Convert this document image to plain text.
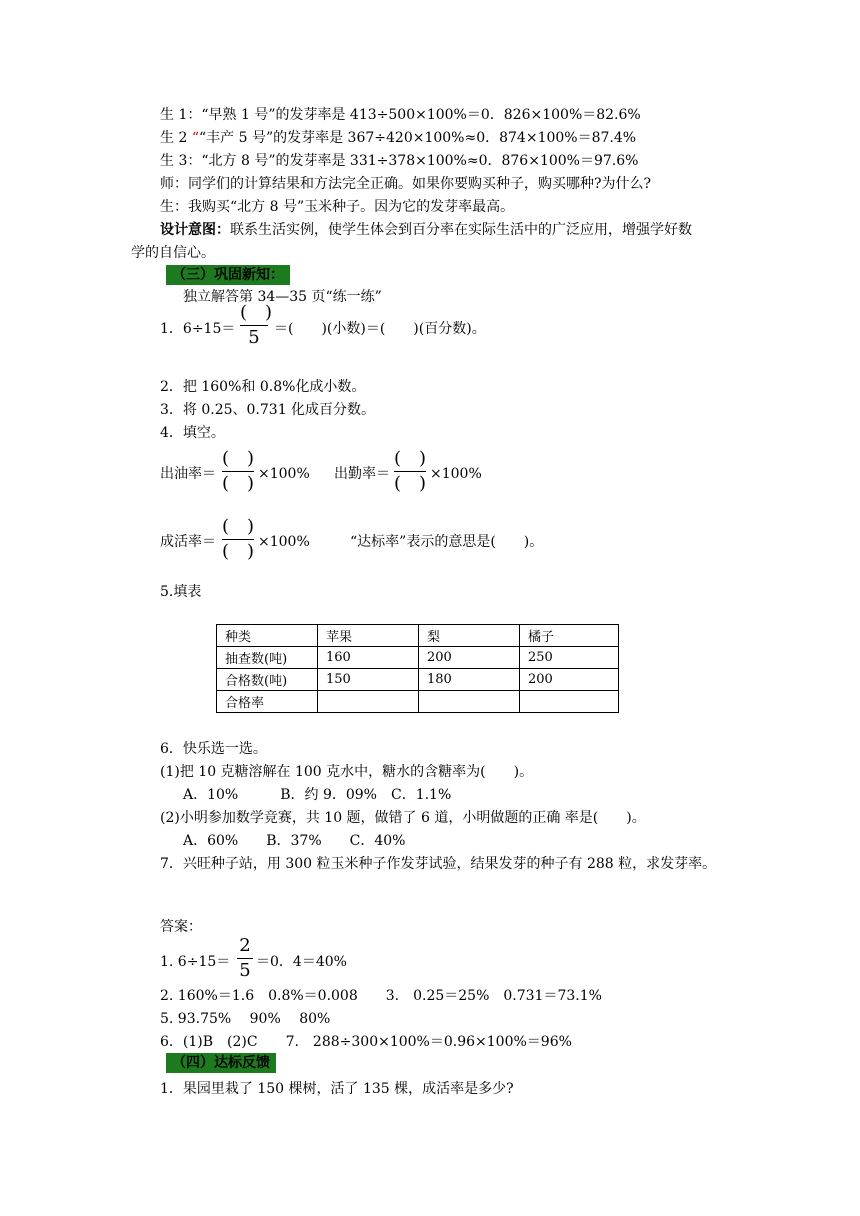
生 1：“早熟 1 号”的发芽率是 413÷500×100%＝0．826×100%＝82.6%
生 2 ““丰产 5 号”的发芽率是 367÷420×100%≈0．874×100%＝87.4%
生 3：“北方 8 号”的发芽率是 331÷378×100%≈0．876×100%＝97.6%
师：同学们的计算结果和方法完全正确。如果你要购买种子，购买哪种?为什么?
生：我购买“北方 8 号”玉米种子。因为它的发芽率最高。
设计意图：联系生活实例，使学生体会到百分率在实际生活中的广泛应用，增强学好数
学的自信心。
（三）巩固新知：
独立解答第 34—35 页“练一练”
1．6÷15＝
(　)
5	＝(　　)(小数)＝(　　)(百分数)。
2．把 160%和 0.8%化成小数。
3．将 0.25、0.731 化成百分数。
4．填空。
出油率＝
(　)
(　) ×100% 出勤率＝
(　)
(　) ×100%
成活率＝
(　)
(　) ×100%	“达标率”表示的意思是(　　)。
5.填表
种类	苹果	梨	橘子
抽查数(吨)	160	200	250
合格数(吨)	150	180	200
合格率			
6．快乐选一选。
(1)把 10 克糖溶解在 100 克水中，糖水的含糖率为(　　)。
A．10%　　　B．约 9．09%　C．1.1%
(2)小明参加数学竞赛，共 10 题，做错了 6 道，小明做题的正确 率是(　　)。
A．60%　　B．37%　　C．40%
7．兴旺种子站，用 300 粒玉米种子作发芽试验，结果发芽的种子有 288 粒，求发芽率。
答案：
1. 6÷15＝
2
5 ＝0．4＝40%
2. 160%＝1.6　0.8%＝0.008　　3.　0.25＝25%　0.731＝73.1%
5. 93.75%　 90%　 80%
6．(1)B　(2)C　　7.　288÷300×100%＝0.96×100%＝96%
（四）达标反馈
1．果园里栽了 150 棵树，活了 135 棵，成活率是多少?
